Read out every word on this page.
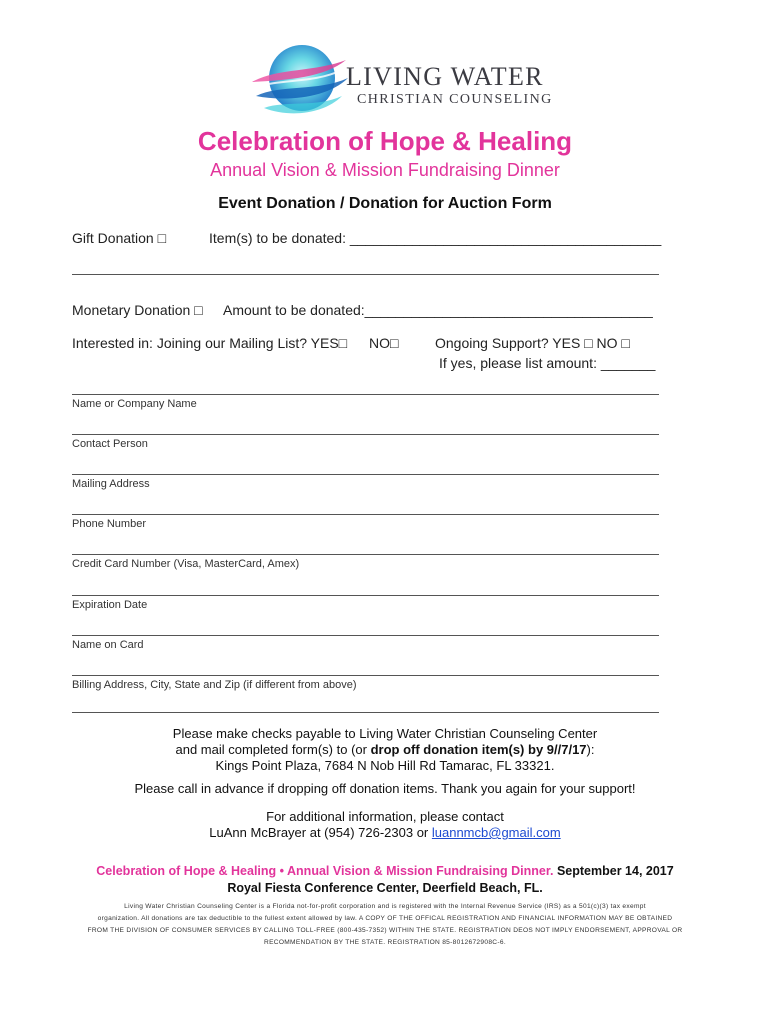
LIVING WATER
CHRISTIAN COUNSELING
Celebration of Hope & Healing
Annual Vision & Mission Fundraising Dinner
Event Donation / Donation for Auction Form
Gift Donation □	Item(s) to be donated: ________________________________________
Monetary Donation □ Amount to be donated:_____________________________________
Interested in: Joining our Mailing List? YES□ NO□	Ongoing Support? YES □ NO □
If yes, please list amount: _______
Name or Company Name
Contact Person
Mailing Address
Phone Number
Credit Card Number (Visa, MasterCard, Amex)
Expiration Date
Name on Card
Billing Address, City, State and Zip (if different from above)
Please make checks payable to Living Water Christian Counseling Center
and mail completed form(s) to (or drop off donation item(s) by 9//7/17):
Kings Point Plaza, 7684 N Nob Hill Rd Tamarac, FL 33321.
Please call in advance if dropping off donation items. Thank you again for your support!
For additional information, please contact
LuAnn McBrayer at (954) 726-2303 or luannmcb@gmail.com
Celebration of Hope & Healing • Annual Vision & Mission Fundraising Dinner. September 14, 2017
Royal Fiesta Conference Center, Deerfield Beach, FL.
Living Water Christian Counseling Center is a Florida not-for-profit corporation and is registered with the Internal Revenue Service (IRS) as a 501(c)(3) tax exempt
organization. All donations are tax deductible to the fullest extent allowed by law. A COPY OF THE OFFICAL REGISTRATION AND FINANCIAL INFORMATION MAY BE OBTAINED
FROM THE DIVISION OF CONSUMER SERVICES BY CALLING TOLL-FREE (800-435-7352) WITHIN THE STATE. REGISTRATION DEOS NOT IMPLY ENDORSEMENT, APPROVAL OR
RECOMMENDATION BY THE STATE. REGISTRATION 85-8012672908C-6.
